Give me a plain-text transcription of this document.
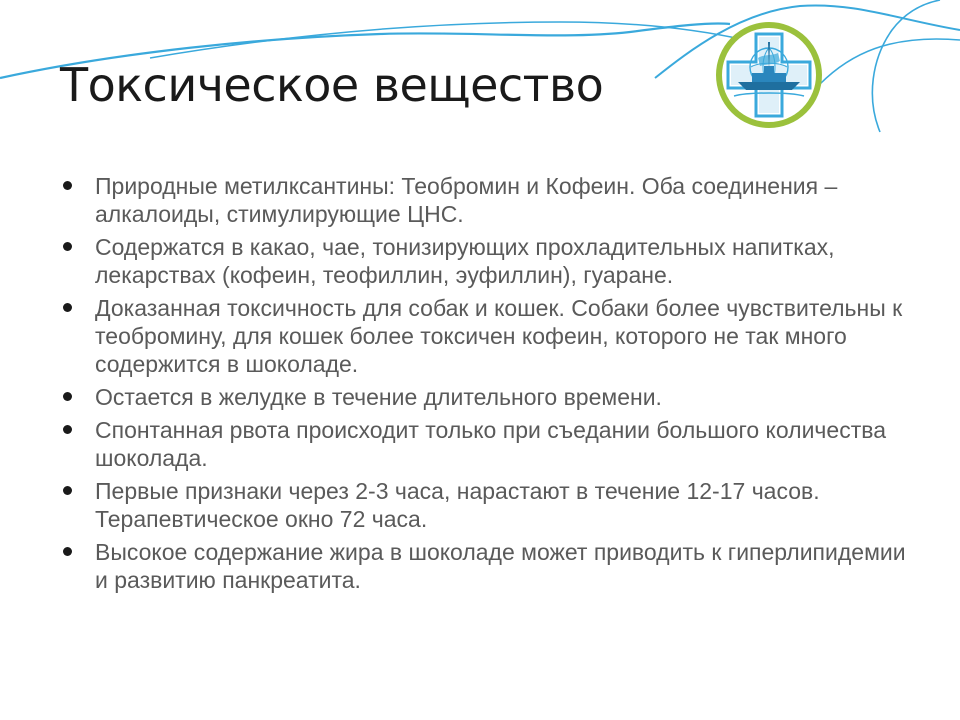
Токсическое вещество
Природные метилксантины: Теобромин и Кофеин. Оба соединения – алкалоиды, стимулирующие ЦНС.
Содержатся в какао, чае, тонизирующих прохладительных напитках, лекарствах (кофеин, теофиллин, эуфиллин), гуаране.
Доказанная токсичность для собак и кошек. Собаки более чувствительны к теобромину, для кошек более токсичен кофеин, которого не так много содержится в шоколаде.
Остается в желудке в течение длительного времени.
Спонтанная рвота происходит только при съедании большого количества шоколада.
Первые признаки через 2-3 часа, нарастают в течение 12-17 часов. Терапевтическое окно 72 часа.
Высокое содержание жира в шоколаде может приводить к гиперлипидемии и развитию панкреатита.
